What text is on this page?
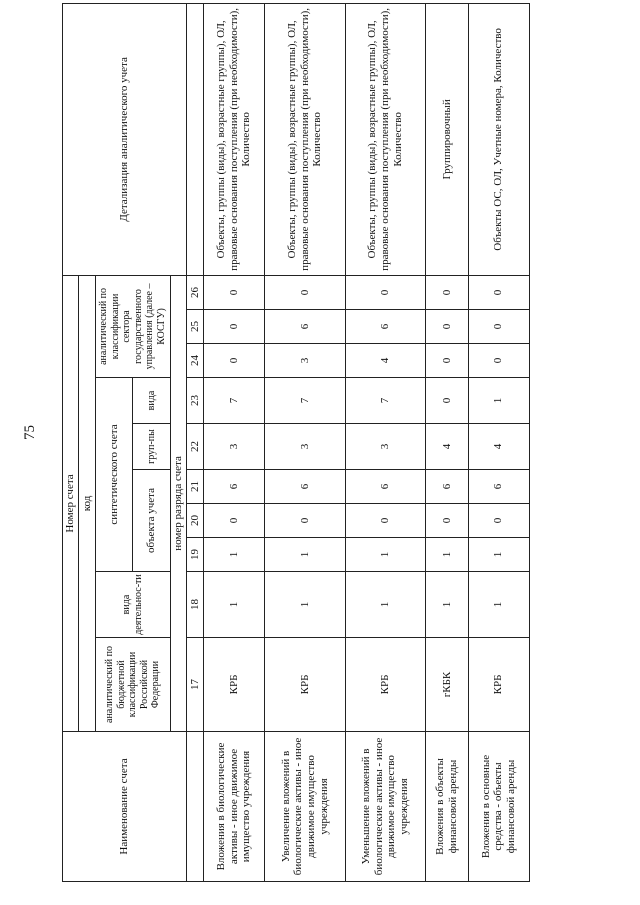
75
Наименование счета	Номер счета										Детализация аналитического учета
	код										
	аналитический по бюджетной классификации Российской Федерации	вида деятельнос-ти	синтетического счета					аналитический по классификации сектора государственного управления (далее – КОСГУ)			
			объекта учета			груп-пы	вида				
	номер разряда счета										
	17	18	19	20	21	22	23	24	25	26	
Вложения в биологические активы - иное движимое имущество учреждения	КРБ	1	1	0	6	3	7	0	0	0	Объекты, группы (виды), возрастные группы), ОЛ, правовые основания поступления (при необходимости), Количество
Увеличение вложений в биологические активы - иное движимое имущество учреждения	КРБ	1	1	0	6	3	7	3	6	0	Объекты, группы (виды), возрастные группы), ОЛ, правовые основания поступления (при необходимости), Количество
Уменьшение вложений в биологические активы - иное движимое имущество учреждения	КРБ	1	1	0	6	3	7	4	6	0	Объекты, группы (виды), возрастные группы), ОЛ, правовые основания поступления (при необходимости), Количество
Вложения в объекты финансовой аренды	гКБК	1	1	0	6	4	0	0	0	0	Группировочный
Вложения в основные средства - объекты финансовой аренды	КРБ	1	1	0	6	4	1	0	0	0	Объекты ОС, ОЛ, Учетные номера, Количество
